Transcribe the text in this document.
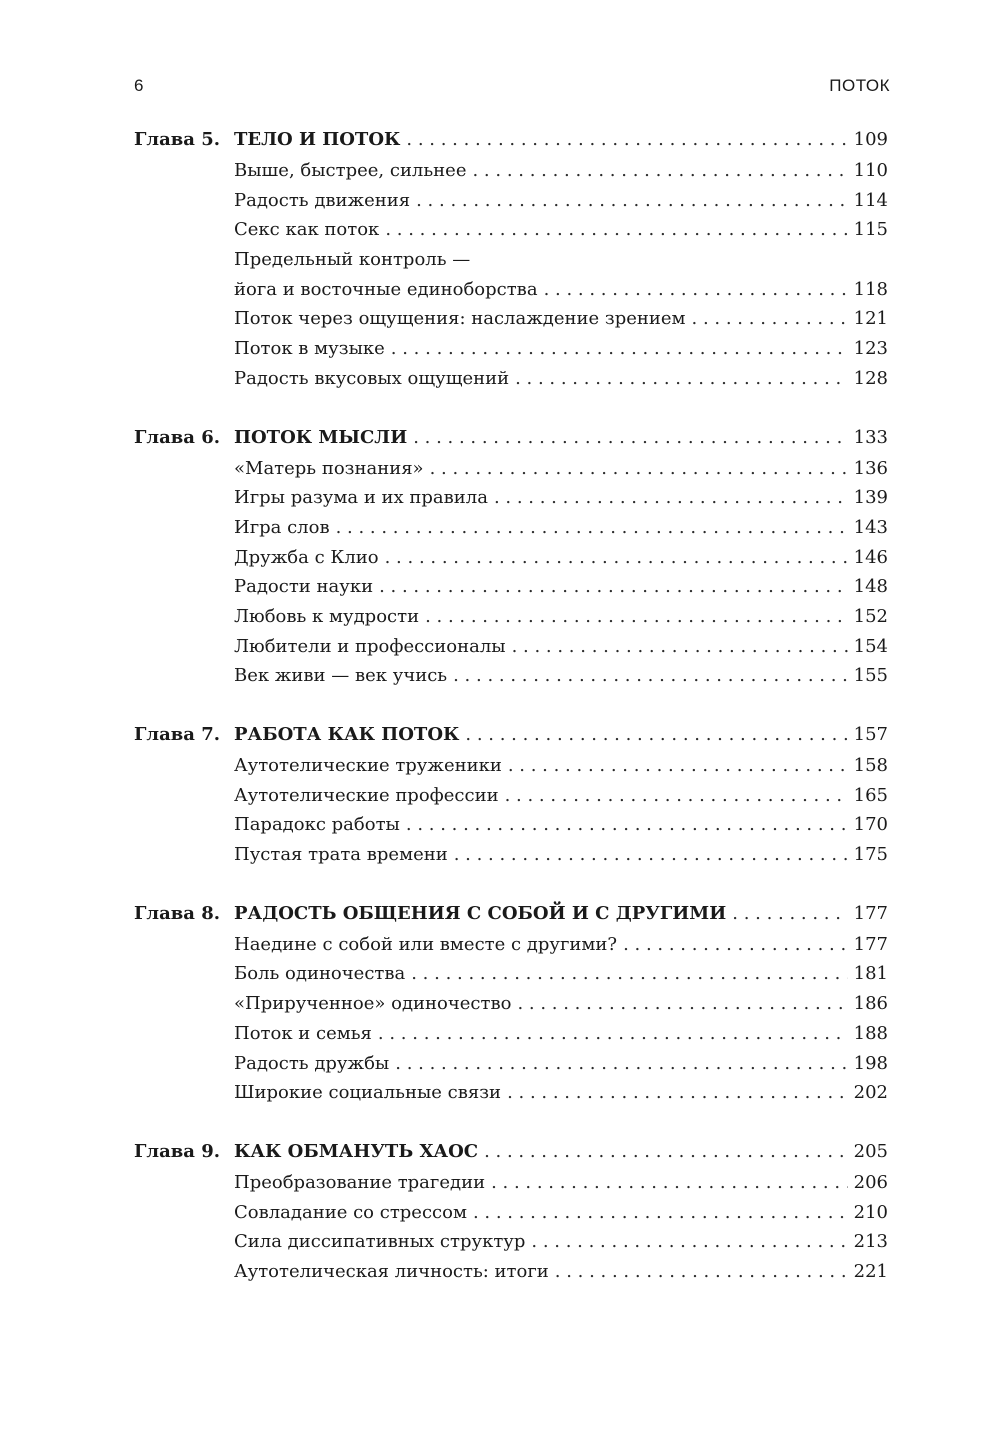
6	ПОТОК
Глава 5. ТЕЛО И ПОТОК . . .	109
Выше, быстрее, сильнее . . .	110
Радость движения . . .	114
Секс как поток . . .	115
Предельный контроль —
йога и восточные единоборства . . .	118
Поток через ощущения: наслаждение зрением . . .	121
Поток в музыке . . .	123
Радость вкусовых ощущений . . .	128
Глава 6. ПОТОК МЫСЛИ . . .	133
«Матерь познания» . . .	136
Игры разума и их правила . . .	139
Игра слов . . .	143
Дружба с Клио . . .	146
Радости науки . . .	148
Любовь к мудрости . . .	152
Любители и профессионалы . . .	154
Век живи — век учись . . .	155
Глава 7. РАБОТА КАК ПОТОК . . .	157
Аутотелические труженики . . .	158
Аутотелические профессии . . .	165
Парадокс работы . . .	170
Пустая трата времени . . .	175
Глава 8. РАДОСТЬ ОБЩЕНИЯ С СОБОЙ И С ДРУГИМИ . . .	177
Наедине с собой или вместе с другими? . . .	177
Боль одиночества . . .	181
«Прирученное» одиночество . . .	186
Поток и семья . . .	188
Радость дружбы . . .	198
Широкие социальные связи . . .	202
Глава 9. КАК ОБМАНУТЬ ХАОС . . .	205
Преобразование трагедии . . .	206
Совладание со стрессом . . .	210
Сила диссипативных структур . . .	213
Аутотелическая личность: итоги . . .	221
